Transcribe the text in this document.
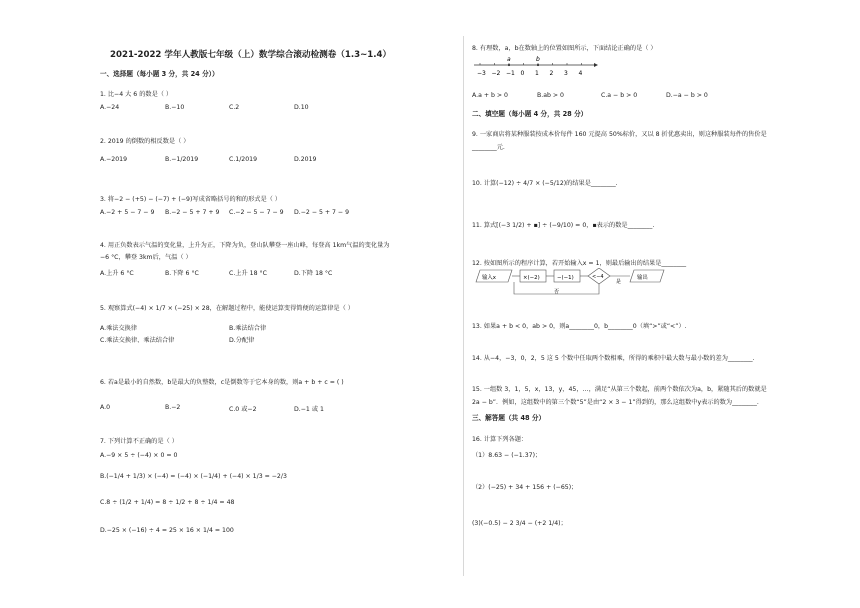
2021-2022 学年人教版七年级（上）数学综合滚动检测卷（1.3~1.4）
一、选择题（每小题 3 分，共 24 分））
1. 比−4 大 6 的数是（ ）
A.−24	B.−10	C.2	D.10
2. 2019 的倒数的相反数是（ ）
A.−2019	B.−1/2019	C.1/2019	D.2019
3. 将−2 − (+5) − (−7) + (−9)写成省略括号的和的形式是（ ）
A.−2 + 5 − 7 − 9 B.−2 − 5 + 7 + 9 C.−2 − 5 − 7 − 9 D.−2 − 5 + 7 − 9
4. 用正负数表示气温的变化量，上升为正，下降为负，登山队攀登一座山峰，每登高 1km气温的变化量为
−6 °C，攀登 3km后，气温（ ）
A.上升 6 °C	B.下降 6 °C	C.上升 18 °C	D.下降 18 °C
5. 观察算式(−4) × 1/7 × (−25) × 28，在解题过程中，能使运算变得简便的运算律是（ ）
A.乘法交换律	B.乘法结合律
C.乘法交换律、乘法结合律	D.分配律
6. 若a是最小的自然数，b是最大的负整数，c是倒数等于它本身的数，则a + b + c = ( )
A.0	B.−2	C.0 或−2	D.−1 或 1
7. 下列计算不正确的是（ ）
A.−9 × 5 ÷ (−4) × 0 = 0
B.(−1/4 + 1/3) × (−4) = (−4) × (−1/4) + (−4) × 1/3 = −2/3
C.8 ÷ (1/2 + 1/4) = 8 ÷ 1/2 + 8 ÷ 1/4 = 48
D.−25 × (−16) ÷ 4 = 25 × 16 × 1/4 = 100
8. 有理数，a，b在数轴上的位置如图所示，下面结论正确的是（ ）
−3 −2 −1 0 1 2 3 4
a	b
A.a + b > 0	B.ab > 0	C.a − b > 0	D.−a − b > 0
二、填空题（每小题 4 分，共 28 分）
9. 一家商店将某种服装按成本价每件 160 元提高 50%标价，又以 8 折优惠卖出，则这种服装每件的售价是
________元.
10. 计算(−12) ÷ 4/7 × (−5/12)的结果是________.
11. 算式[(−3 1/2) + ▪] ÷ (−9/10) = 0，▪表示的数是________.
12. 按如图所示的程序计算，若开始输入x = 1，则最后输出的结果是________
输入x	×(−2)	−(−1)	<−4
是
输出
否
13. 如果a + b < 0，ab > 0，则a________0，b________0（填“>”或“<”）.
14. 从−4，−3，0，2，5 这 5 个数中任取两个数相乘，所得的乘积中最大数与最小数的差为________.
15. 一组数 3，1，5，x，13，y，45，…，满足“从第三个数起，前两个数依次为a，b，紧随其后的数就是
2a − b”．例如，这组数中的第三个数“5”是由“2 × 3 − 1”得到的，那么这组数中y表示的数为________.
三、解答题（共 48 分）
16. 计算下列各题：
（1）8.63 − (−1.37)；
（2）(−25) + 34 + 156 + (−65)；
(3)(−0.5) − 2 3/4 − (+2 1/4)；
